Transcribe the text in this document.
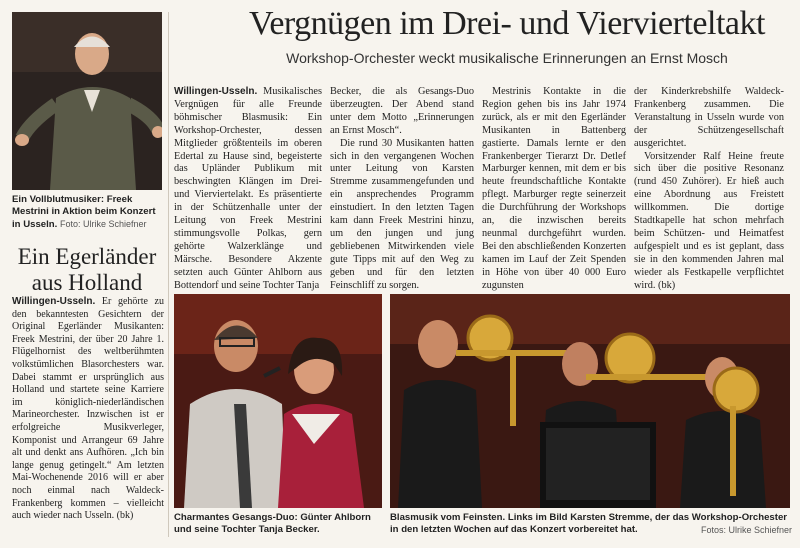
Vergnügen im Drei- und Viervierteltakt
Workshop-Orchester weckt musikalische Erinnerungen an Ernst Mosch
Ein Vollblutmusiker: Freek Mestrini in Aktion beim Konzert in Usseln. Foto: Ulrike Schiefner
Ein Egerländer aus Holland

Willingen-Usseln. Er gehörte zu den bekanntesten Gesichtern der Original Egerländer Musikanten: Freek Mestrini, der über 20 Jahre 1. Flügelhornist des weltberühmten volkstümlichen Blasorchesters war. Dabei stammt er ursprünglich aus Holland und startete seine Karriere im königlich-niederländischen Marineorchester. Inzwischen ist er erfolgreiche Musikverleger, Komponist und Arrangeur 69 Jahre alt und denkt ans Aufhören. „Ich bin lange genug getingelt.“ Am letzten Mai-Wochenende 2016 will er aber noch einmal nach Waldeck-Frankenberg kommen – vielleicht auch wieder nach Usseln. (bk)

Willingen-Usseln. Musikalisches Vergnügen für alle Freunde böhmischer Blasmusik: Ein Workshop-Orchester, dessen Mitglieder größtenteils im oberen Edertal zu Hause sind, begeisterte das Upländer Publikum mit beschwingten Klängen im Drei- und Vierviertelakt. Es präsentierte in der Schützenhalle unter der Leitung von Freek Mestrini stimmungsvolle Polkas, gern gehörte Walzerklänge und Märsche. Besondere Akzente setzten auch Günter Ahlborn aus Bottendorf und seine Tochter Tanja

Becker, die als Gesangs-Duo überzeugten. Der Abend stand unter dem Motto „Erinnerungen an Ernst Mosch“.

Die rund 30 Musikanten hatten sich in den vergangenen Wochen unter Leitung von Karsten Stremme zusammengefunden und ein ansprechendes Programm einstudiert. In den letzten Tagen kam dann Freek Mestrini hinzu, um den jungen und jung gebliebenen Mitwirkenden viele gute Tipps mit auf den Weg zu geben und für den letzten Feinschliff zu sorgen.

Mestrinis Kontakte in die Region gehen bis ins Jahr 1974 zurück, als er mit den Egerländer Musikanten in Battenberg gastierte. Damals lernte er den Frankenberger Tierarzt Dr. Detlef Marburger kennen, mit dem er bis heute freundschaftliche Kontakte pflegt. Marburger regte seinerzeit die Durchführung der Workshops an, die inzwischen bereits neunmal durchgeführt wurden. Bei den abschließenden Konzerten kamen im Lauf der Zeit Spenden in Höhe von über 40 000 Euro zugunsten

der Kinderkrebshilfe Waldeck-Frankenberg zusammen. Die Veranstaltung in Usseln wurde von der Schützengesellschaft ausgerichtet.

Vorsitzender Ralf Heine freute sich über die positive Resonanz (rund 450 Zuhörer). Er hieß auch eine Abordnung aus Freistett willkommen. Die dortige Stadtkapelle hat schon mehrfach beim Schützen- und Heimatfest aufgespielt und es ist geplant, dass sie in den kommenden Jahren mal wieder als Festkapelle verpflichtet wird. (bk)

Charmantes Gesangs-Duo: Günter Ahlborn und seine Tochter Tanja Becker.
Blasmusik vom Feinsten. Links im Bild Karsten Stremme, der das Workshop-Orchester in den letzten Wochen auf das Konzert vorbereitet hat.	Fotos: Ulrike Schiefner
